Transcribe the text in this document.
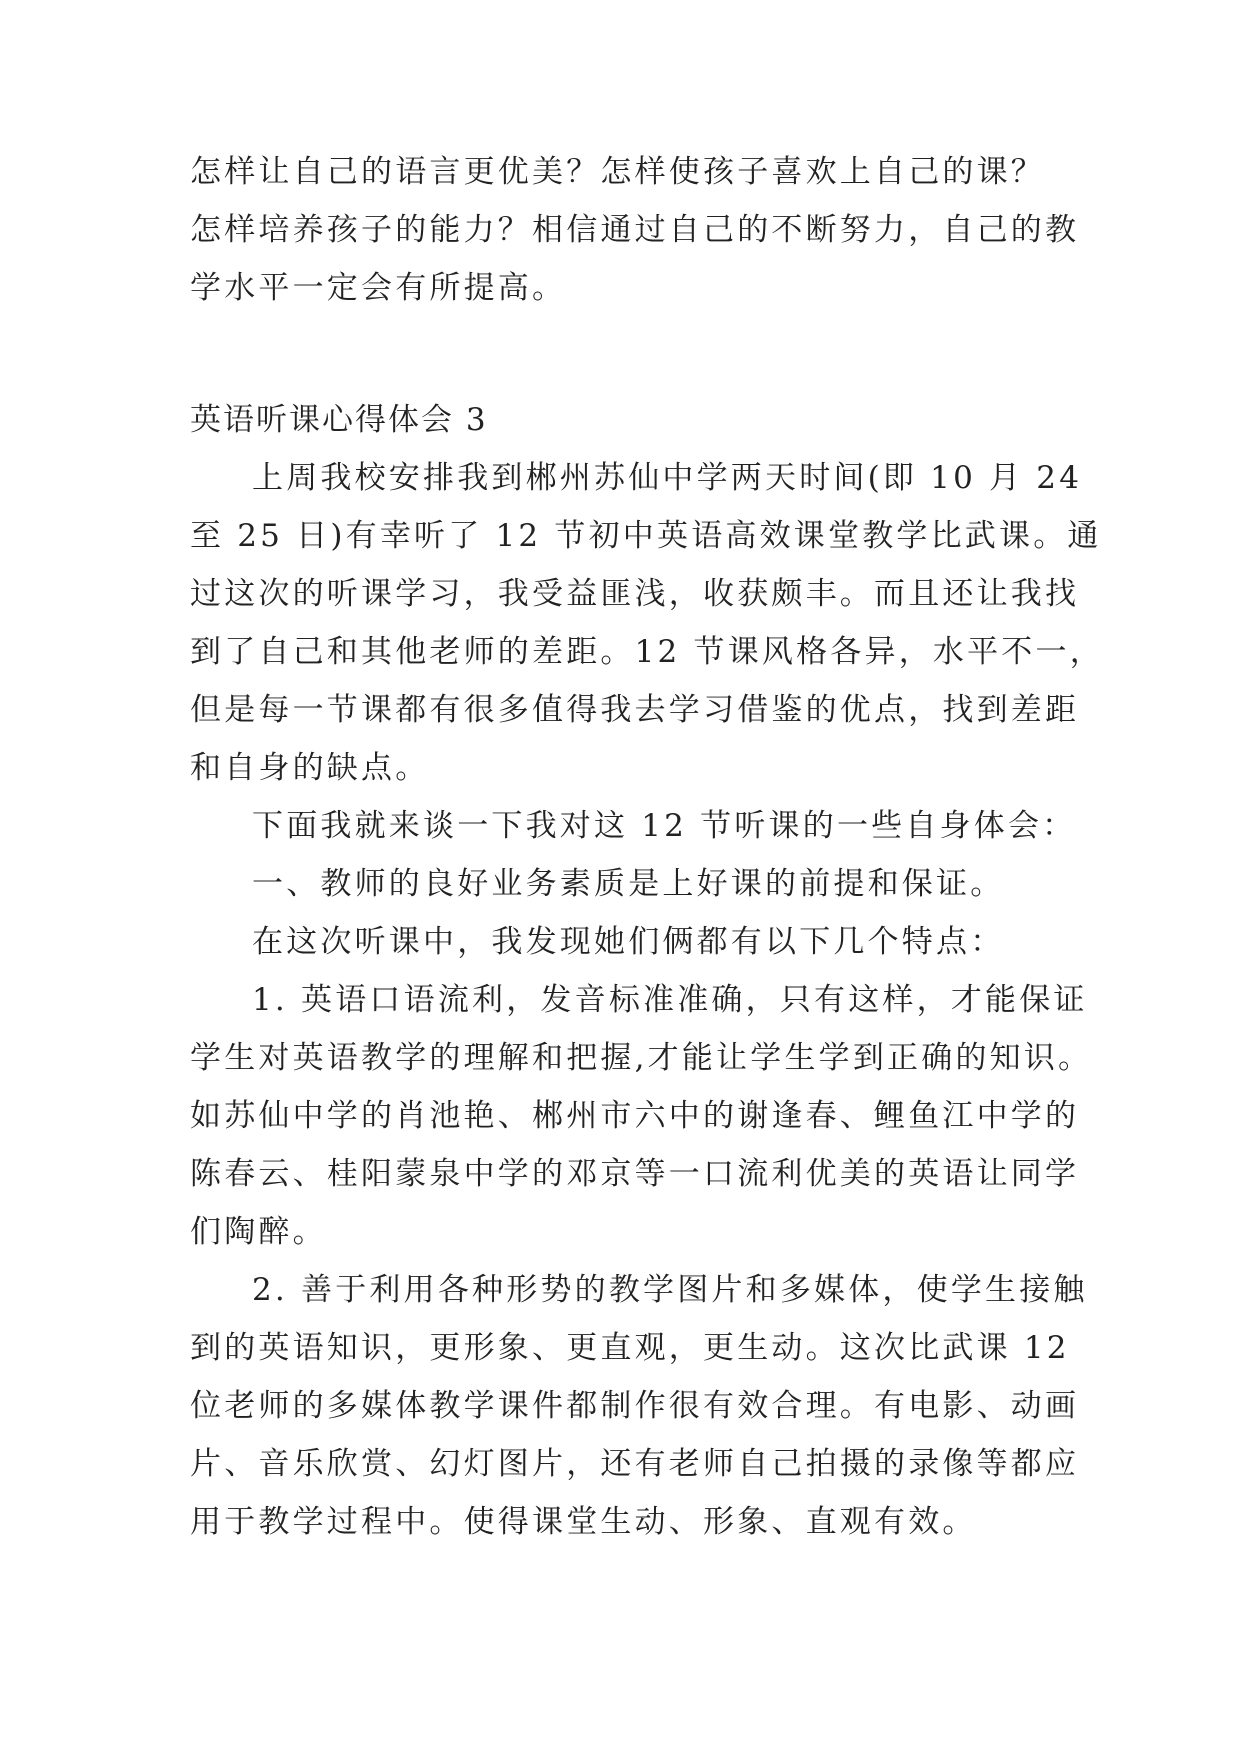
怎样让自己的语言更优美？怎样使孩子喜欢上自己的课？
怎样培养孩子的能力？相信通过自己的不断努力，自己的教
学水平一定会有所提高。
英语听课心得体会 3
上周我校安排我到郴州苏仙中学两天时间(即 10 月 24
至 25 日)有幸听了 12 节初中英语高效课堂教学比武课。通
过这次的听课学习，我受益匪浅，收获颇丰。而且还让我找
到了自己和其他老师的差距。12 节课风格各异，水平不一，
但是每一节课都有很多值得我去学习借鉴的优点，找到差距
和自身的缺点。
下面我就来谈一下我对这 12 节听课的一些自身体会：
一、教师的良好业务素质是上好课的前提和保证。
在这次听课中，我发现她们俩都有以下几个特点：
1. 英语口语流利，发音标准准确，只有这样，才能保证
学生对英语教学的理解和把握,才能让学生学到正确的知识。
如苏仙中学的肖池艳、郴州市六中的谢逢春、鲤鱼江中学的
陈春云、桂阳蒙泉中学的邓京等一口流利优美的英语让同学
们陶醉。
2. 善于利用各种形势的教学图片和多媒体，使学生接触
到的英语知识，更形象、更直观，更生动。这次比武课 12
位老师的多媒体教学课件都制作很有效合理。有电影、动画
片、音乐欣赏、幻灯图片，还有老师自己拍摄的录像等都应
用于教学过程中。使得课堂生动、形象、直观有效。
